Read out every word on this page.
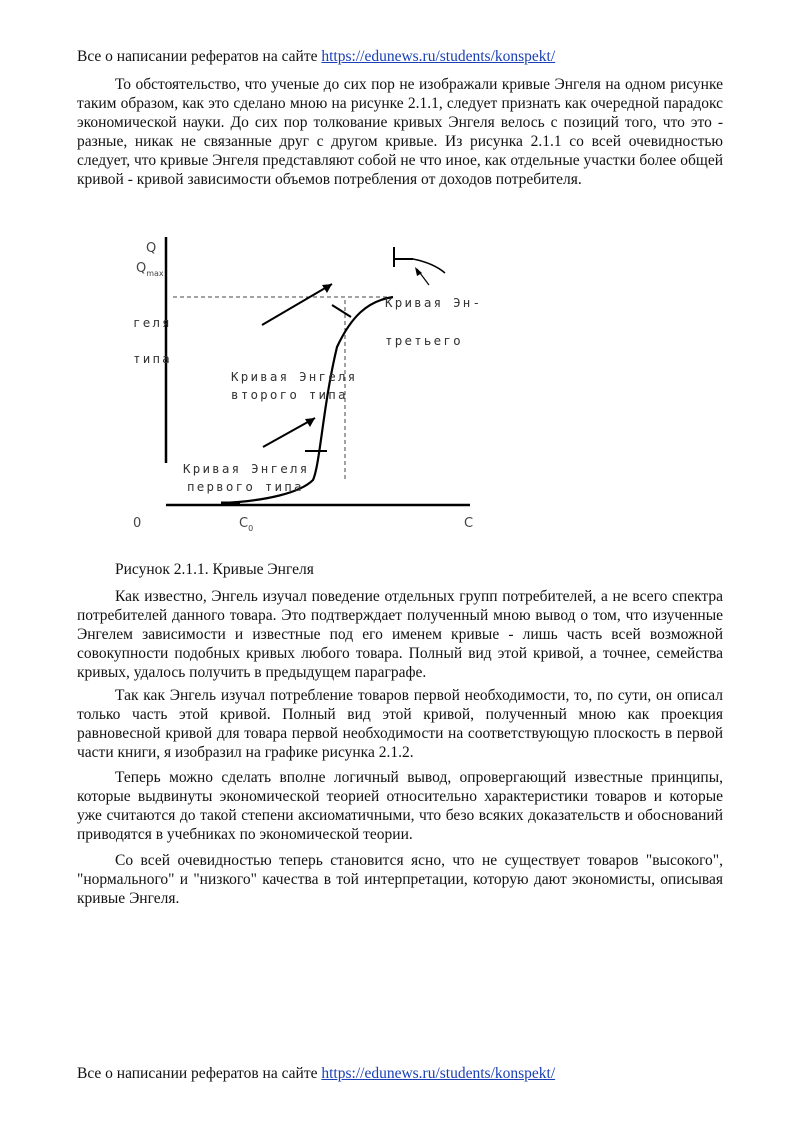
Все о написании рефератов на сайте https://edunews.ru/students/konspekt/

То обстоятельство, что ученые до сих пор не изображали кривые Энгеля на одном рисунке таким образом, как это сделано мною на рисунке 2.1.1, следует признать как очередной парадокс экономической науки. До сих пор толкование кривых Энгеля велось с позиций того, что это - разные, никак не связанные друг с другом кривые. Из рисунка 2.1.1 со всей очевидностью следует, что кривые Энгеля представляют собой не что иное, как отдельные участки более общей кривой - кривой зависимости объемов потребления от доходов потребителя.

Q
$Q_{max}$
0	$C_0$	C
геля
типа
Кривая Энгеля
второго типа
Кривая Энгеля
первого типа
Кривая Эн-
третьего
Рисунок 2.1.1. Кривые Энгеля

Как известно, Энгель изучал поведение отдельных групп потребителей, а не всего спектра потребителей данного товара. Это подтверждает полученный мною вывод о том, что изученные Энгелем зависимости и известные под его именем кривые - лишь часть всей возможной совокупности подобных кривых любого товара. Полный вид этой кривой, а точнее, семейства кривых, удалось получить в предыдущем параграфе.

Так как Энгель изучал потребление товаров первой необходимости, то, по сути, он описал только часть этой кривой. Полный вид этой кривой, полученный мною как проекция равновесной кривой для товара первой необходимости на соответствующую плоскость в первой части книги, я изобразил на графике рисунка 2.1.2.

Теперь можно сделать вполне логичный вывод, опровергающий известные принципы, которые выдвинуты экономической теорией относительно характеристики товаров и которые уже считаются до такой степени аксиоматичными, что безо всяких доказательств и обоснований приводятся в учебниках по экономической теории.

Со всей очевидностью теперь становится ясно, что не существует товаров "высокого", "нормального" и "низкого" качества в той интерпретации, которую дают экономисты, описывая кривые Энгеля.

Все о написании рефератов на сайте https://edunews.ru/students/konspekt/
